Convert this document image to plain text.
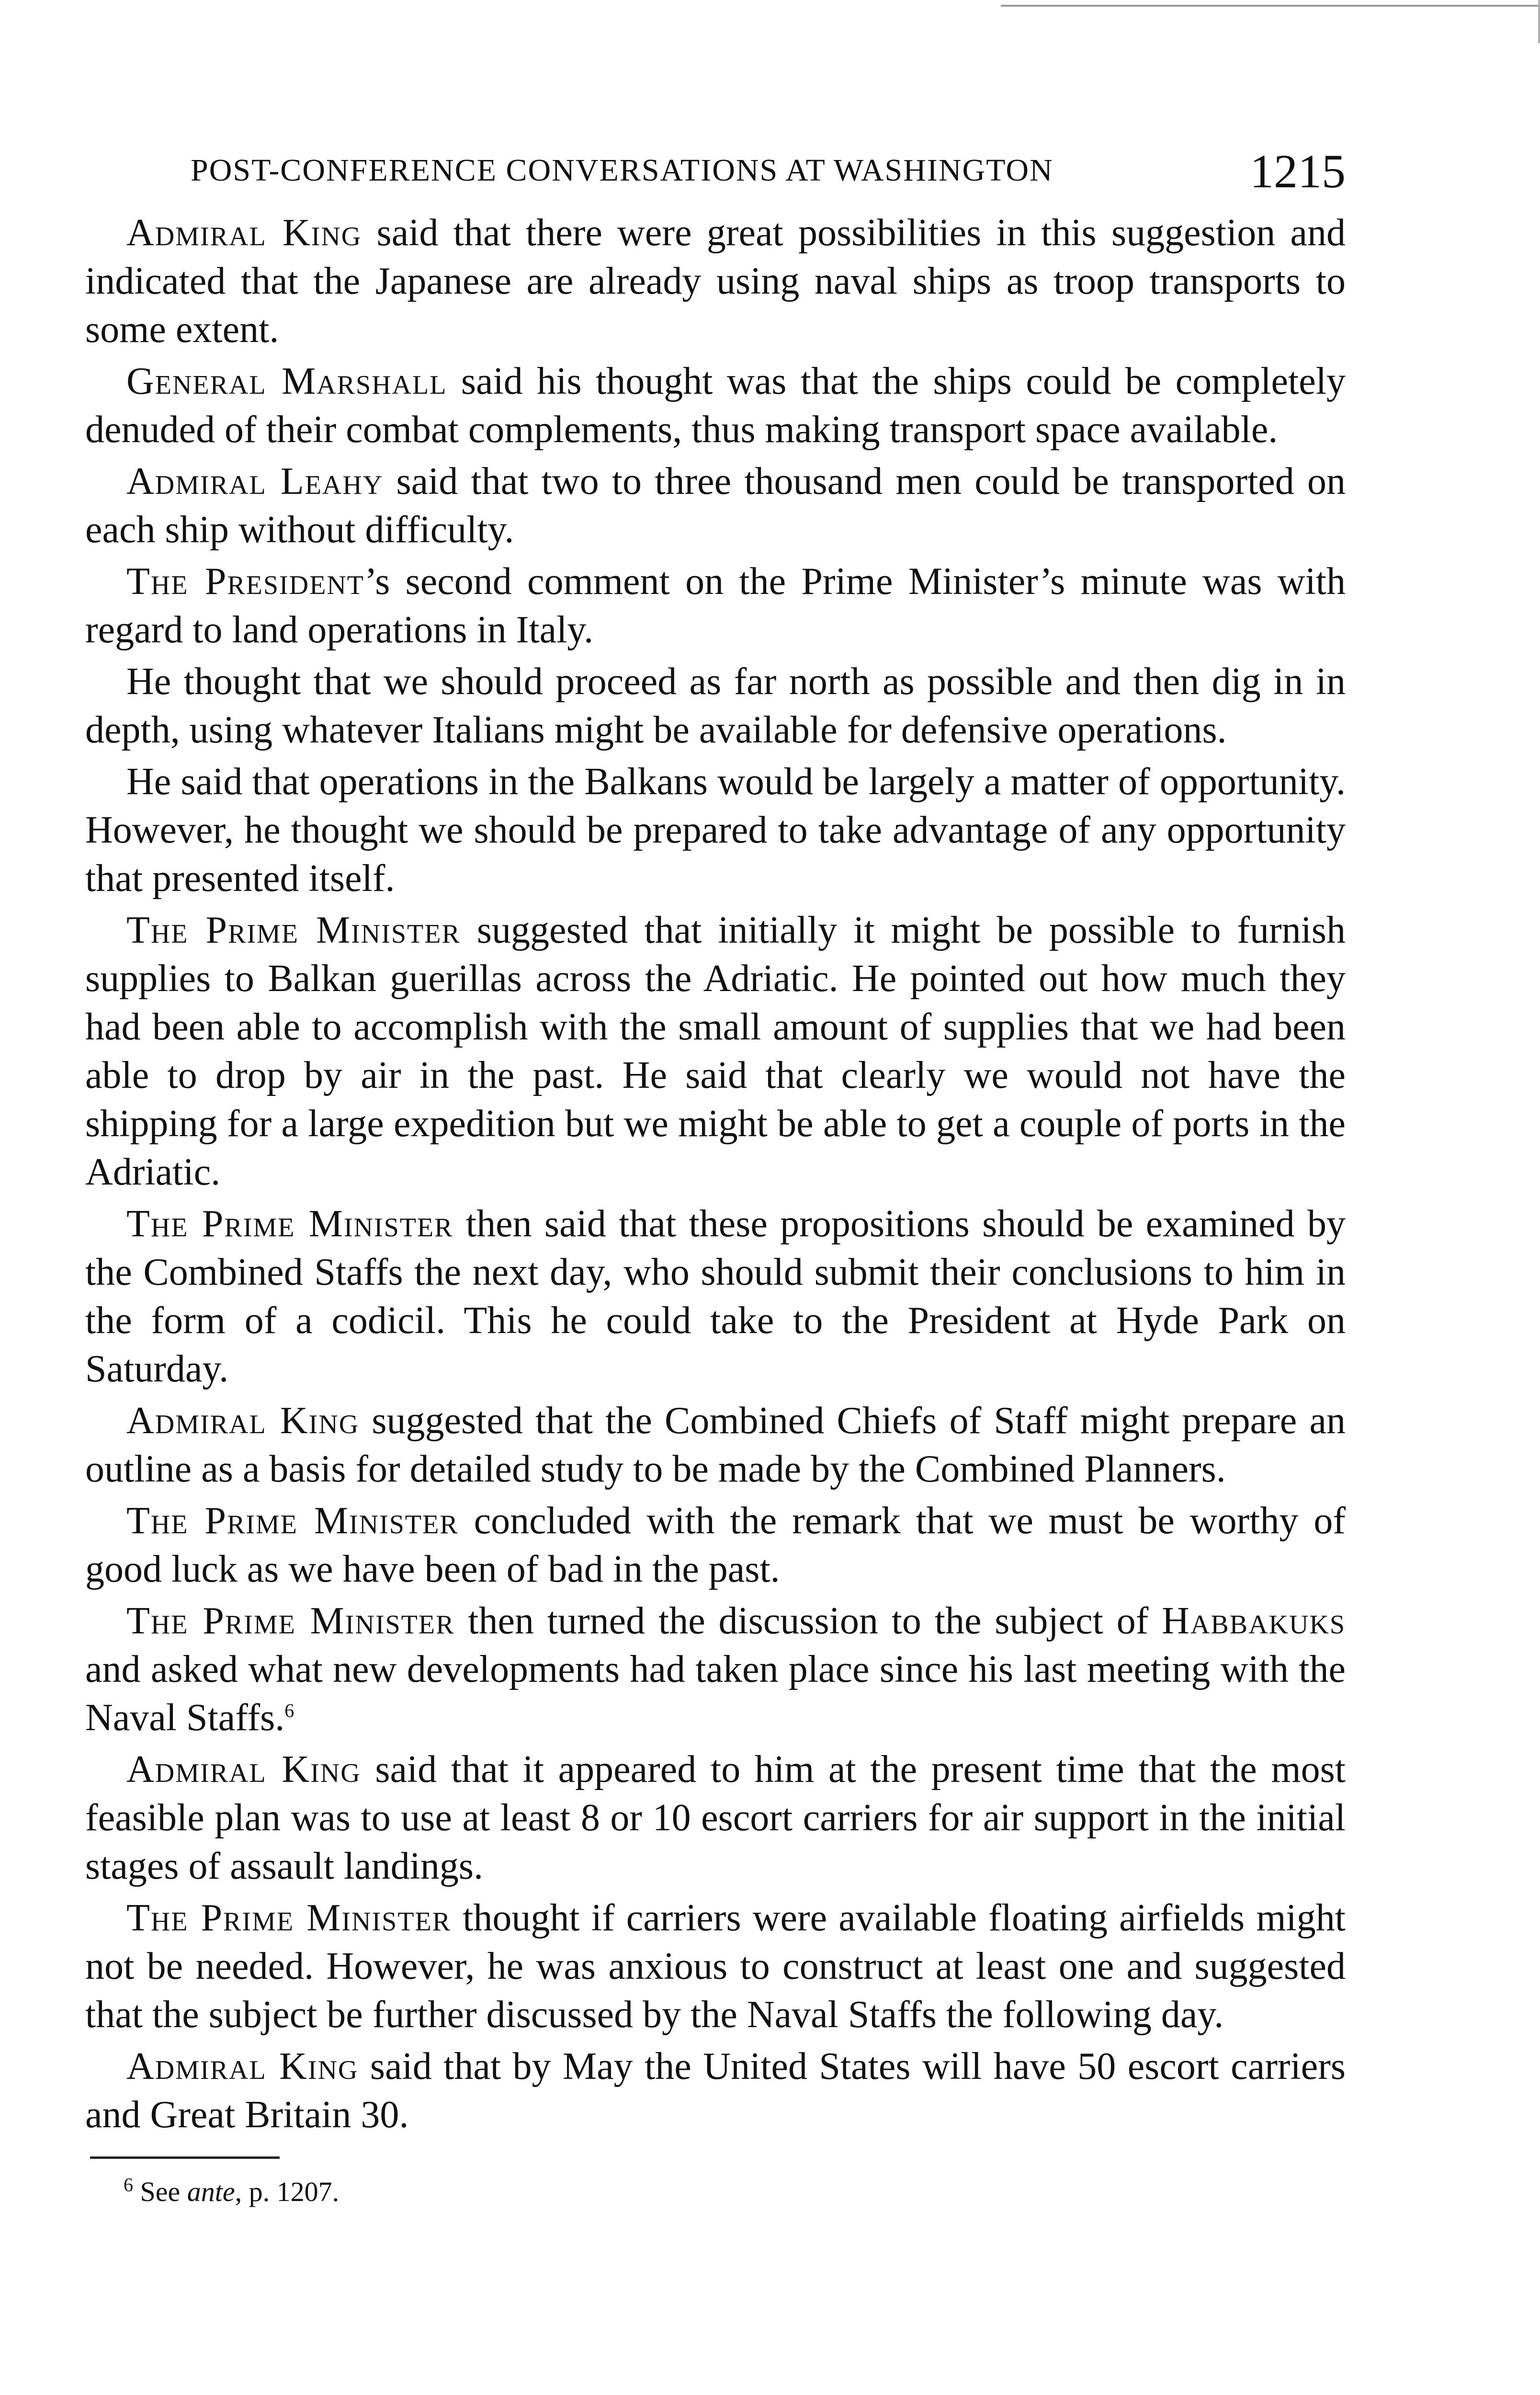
POST-CONFERENCE CONVERSATIONS AT WASHINGTON	1215

Admiral King said that there were great possibilities in this suggestion and indicated that the Japanese are already using naval ships as troop transports to some extent.

General Marshall said his thought was that the ships could be completely denuded of their combat complements, thus making transport space available.

Admiral Leahy said that two to three thousand men could be transported on each ship without difficulty.

The President’s second comment on the Prime Minister’s minute was with regard to land operations in Italy.

He thought that we should proceed as far north as possible and then dig in in depth, using whatever Italians might be available for defensive operations.

He said that operations in the Balkans would be largely a matter of opportunity. However, he thought we should be prepared to take advantage of any opportunity that presented itself.

The Prime Minister suggested that initially it might be possible to furnish supplies to Balkan guerillas across the Adriatic. He pointed out how much they had been able to accomplish with the small amount of supplies that we had been able to drop by air in the past. He said that clearly we would not have the shipping for a large expedition but we might be able to get a couple of ports in the Adriatic.

The Prime Minister then said that these propositions should be examined by the Combined Staffs the next day, who should submit their conclusions to him in the form of a codicil. This he could take to the President at Hyde Park on Saturday.

Admiral King suggested that the Combined Chiefs of Staff might prepare an outline as a basis for detailed study to be made by the Combined Planners.

The Prime Minister concluded with the remark that we must be worthy of good luck as we have been of bad in the past.

The Prime Minister then turned the discussion to the subject of Habbakuks and asked what new developments had taken place since his last meeting with the Naval Staffs.$^6$

Admiral King said that it appeared to him at the present time that the most feasible plan was to use at least 8 or 10 escort carriers for air support in the initial stages of assault landings.

The Prime Minister thought if carriers were available floating airfields might not be needed. However, he was anxious to construct at least one and suggested that the subject be further discussed by the Naval Staffs the following day.

Admiral King said that by May the United States will have 50 escort carriers and Great Britain 30.

$^6$ See ante, p. 1207.
